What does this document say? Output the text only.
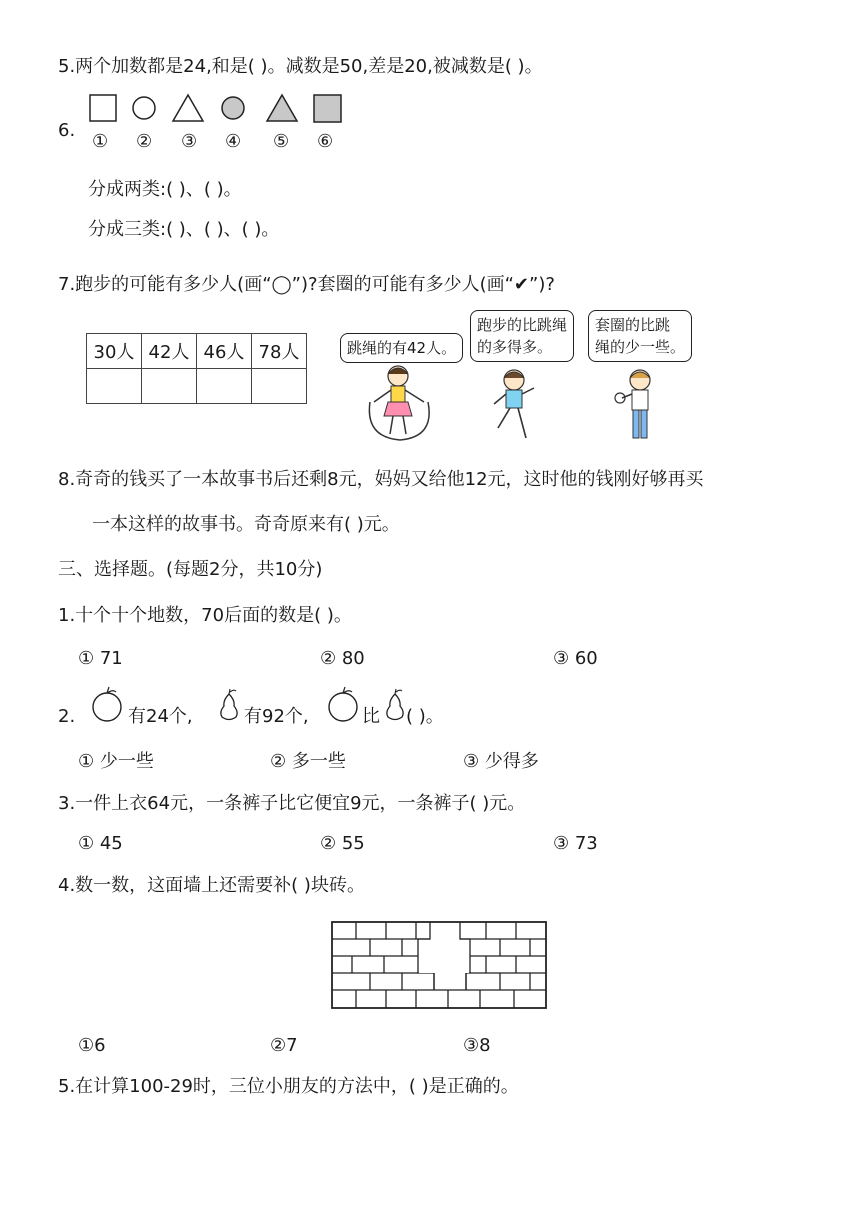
5.两个加数都是24,和是( )。减数是50,差是20,被减数是( )。
6.
① ② ③ ④ ⑤ ⑥
分成两类:( )、( )。
分成三类:( )、( )、( )。
7.跑步的可能有多少人(画“◯”)?套圈的可能有多少人(画“✔”)?
30人	42人	46人	78人
				跳绳的有42人。
跑步的比跳绳
的多得多。
套圈的比跳
绳的少一些。
8.奇奇的钱买了一本故事书后还剩8元，妈妈又给他12元，这时他的钱刚好够再买
一本这样的故事书。奇奇原来有( )元。
三、选择题。(每题2分，共10分)
1.十个十个地数，70后面的数是( )。
① 71	② 80	③ 60
2.	有24个,	有92个,	比 ( )。
① 少一些	② 多一些	③ 少得多
3.一件上衣64元，一条裤子比它便宜9元，一条裤子( )元。
① 45	② 55	③ 73
4.数一数，这面墙上还需要补( )块砖。
①6	②7	③8
5.在计算100-29时，三位小朋友的方法中，( )是正确的。
